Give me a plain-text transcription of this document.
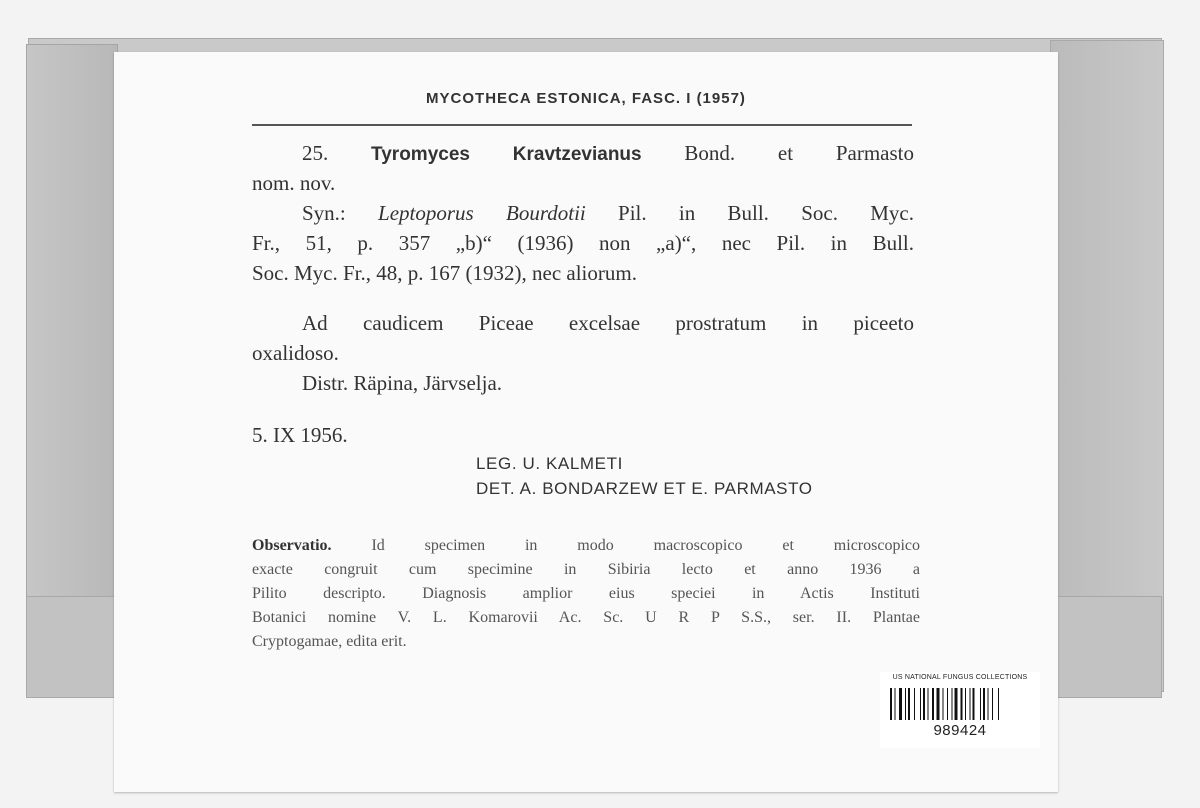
MYCOTHECA ESTONICA, FASC. I (1957)
25. Tyromyces Kravtzevianus Bond. et Parmasto
nom. nov.
Syn.: Leptoporus Bourdotii Pil. in Bull. Soc. Myc.
Fr., 51, p. 357 „b)“ (1936) non „a)“, nec Pil. in Bull.
Soc. Myc. Fr., 48, p. 167 (1932), nec aliorum.
Ad caudicem Piceae excelsae prostratum in piceeto
oxalidoso.
Distr. Räpina, Järvselja.
5. IX 1956.
LEG. U. KALMETI
DET. A. BONDARZEW ET E. PARMASTO
Observatio. Id specimen in modo macroscopico et microscopico
exacte congruit cum specimine in Sibiria lecto et anno 1936 a
Pilito descripto. Diagnosis amplior eius speciei in Actis Instituti
Botanici nomine V. L. Komarovii Ac. Sc. U R P S.S., ser. II. Plantae
Cryptogamae, edita erit.
US NATIONAL FUNGUS COLLECTIONS
989424
